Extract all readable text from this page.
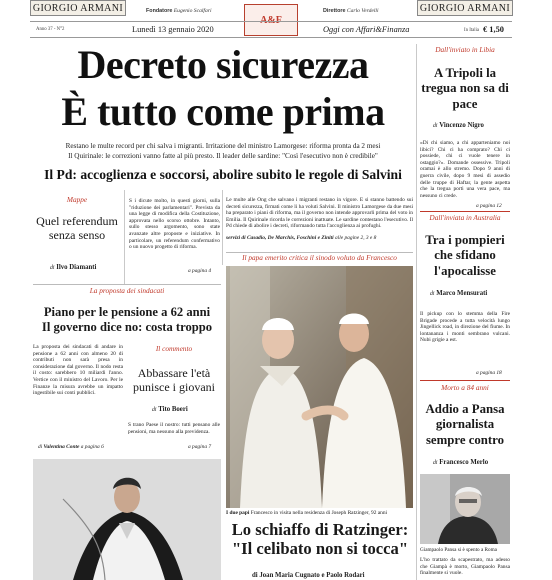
GIORGIO ARMANI	GIORGIO ARMANI
Fondatore Eugenio Scalfari
A&F
Direttore Carlo Verdelli
Anno 37 - N°2	Lunedì 13 gennaio 2020	Oggi con Affari&Finanza	In Italia € 1,50
Decreto sicurezza
È tutto come prima
Restano le multe record per chi salva i migranti. Irritazione del ministro Lamorgese: riforma pronta da 2 mesi
Il Quirinale: le correzioni vanno fatte al più presto. Il leader delle sardine: "Così l'esecutivo non è credibile"
Il Pd: accoglienza e soccorsi, abolire subito le regole di Salvini
S i dicute molto, in questi giorni, sulla "riduzione dei parlamentari". Prevista da una legge di modifica della Costituzione, approvata nello scorso ottobre. Intanto, sullo stesso argomento, sono state avanzate altre proposte e iniziative. In particolare, un referendum confermativo o un nuovo progetto di riforma.
Le multe alle Ong che salvano i migranti restano in vigore. E si stanno battendo sui decreti sicurezza, firmati come li ha voluti Salvini. Il ministro Lamorgese da due mesi ha preparato i piani di riforma, ma il governo non intende approvarli prima del voto in Emilia. Il Quirinale ricorda le correzioni inattuate. Le sardine contestano l'esecutivo. Il Pd chiede di abolire i decreti, riformando tutta l'accoglienza ai profughi.
servizi di Casadio, De Marchis, Foschini e Ziniti alle pagine 2, 3 e 8
Mappe
Quel referendum senza senso
di Ilvo Diamanti	a pagina 4
La proposta dei sindacati
Piano per le pensione a 62 anni
Il governo dice no: costa troppo
La proposta dei sindacati di andare in pensione a 62 anni con almeno 20 di contributi non sarà presa in considerazione dal governo. Il nodo resta il costo: sarebbero 10 miliardi l'anno. Vertice con il ministro del Lavoro. Per le Finanze la misura avrebbe un impatto ingestibile sui conti pubblici.
di Valentina Conte a pagina 6
Il commento
Abbassare l'età punisce i giovani
di Tito Boeri
S trano Paese il nostro: tutti pensano alle pensioni, ma nessuno alla previdenza.
a pagina 7
Il papa emerito critica il sinodo voluto da Francesco
I due papi Francesco in visita nella residenza di Joseph Ratzinger, 92 anni
Lo schiaffo di Ratzinger:
"Il celibato non si tocca"
di Joan Maria Cugnato e Paolo Rodari
Dall'inviato in Libia
A Tripoli la tregua non sa di pace
di Vincenzo Nigro
«Di chi siamo, a chi apparteniamo noi libici? Chi ci ha comprato? Chi ci possiede, chi ci vuole tenere in ostaggio?». Domande ossessive. Tripoli oramai è allo stremo. Dopo 9 anni di guerra civile, dopo 9 mesi di assedio delle truppe di Haftar, la gente aspetta che la tregua porti una vera pace, ma nessuno ci crede.
a pagina 12
Dall'inviata in Australia
Tra i pompieri che sfidano l'apocalisse
di Marco Mensurati
Il pickup con lo stemma della Fire Brigade procede a tutta velocità lungo Jingellick road, in direzione del fiume. In lontananza i monti sembrano vulcani. Nubi grigie a est.
a pagina 18
Morto a 84 anni
Addio a Pansa giornalista sempre contro
di Francesco Merlo
Giampaolo Pansa si è spento a Roma
L'ho trattato da scapestrato, ma adesso che Giampà è morto, Giampaolo Pansa finalmente si vuole.
